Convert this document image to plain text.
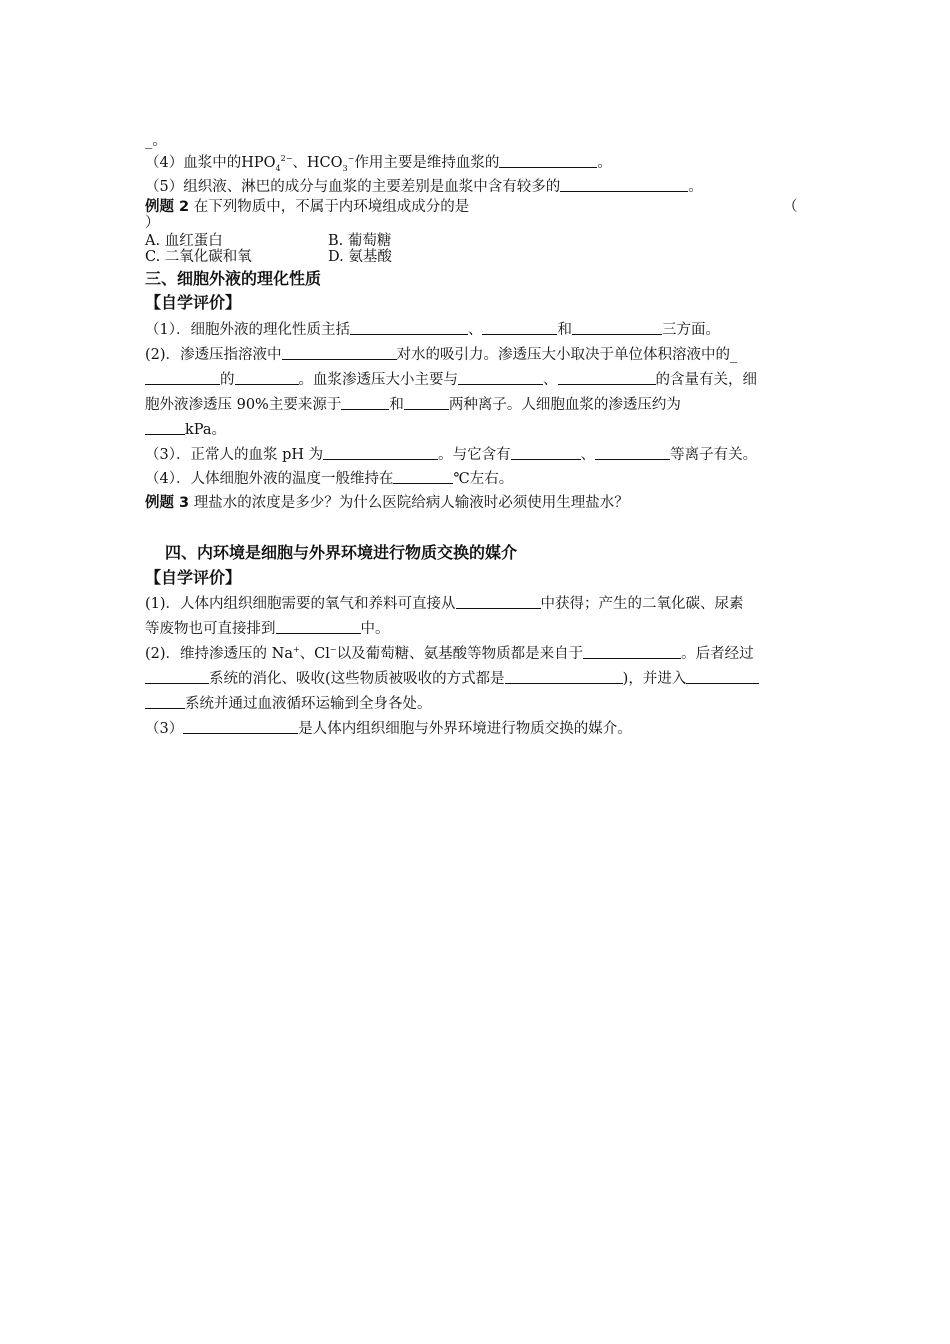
_。
（4）血浆中的$HPO_4^{2-}$、$HCO_3^-$作用主要是维持血浆的	。
（5）组织液、淋巴的成分与血浆的主要差别是血浆中含有较多的	。
例题 2 在下列物质中，不属于内环境组成成分的是	（
）
A. 血红蛋白	B. 葡萄糖
C. 二氧化碳和氧	D. 氨基酸
三、细胞外液的理化性质
【自学评价】
（1）．细胞外液的理化性质主括	、	和	三方面。
(2)．渗透压指溶液中	对水的吸引力。渗透压大小取决于单位体积溶液中的_
的	。血浆渗透压大小主要与	、	的含量有关，细
胞外液渗透压 90%主要来源于	和	两种离子。人细胞血浆的渗透压约为
kPa。
（3）．正常人的血浆 pH 为	。与它含有	、	等离子有关。
（4）．人体细胞外液的温度一般维持在	℃左右。
例题 3 理盐水的浓度是多少？为什么医院给病人输液时必须使用生理盐水？
四、内环境是细胞与外界环境进行物质交换的媒介
【自学评价】
(1)．人体内组织细胞需要的氧气和养料可直接从	中获得；产生的二氧化碳、尿素
等废物也可直接排到	中。
(2)．维持渗透压的 Na+、Cl−以及葡萄糖、氨基酸等物质都是来自于	。后者经过
系统的消化、吸收(这些物质被吸收的方式都是	)，并进入
系统并通过血液循环运输到全身各处。
（3）	是人体内组织细胞与外界环境进行物质交换的媒介。
